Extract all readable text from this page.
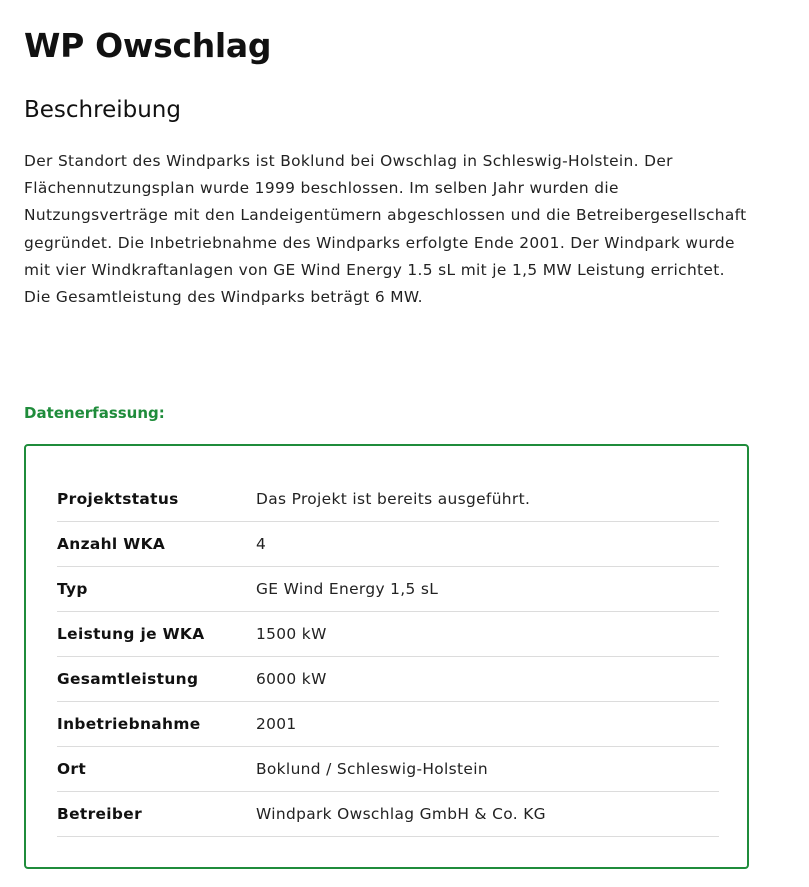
WP Owschlag
Beschreibung

Der Standort des Windparks ist Boklund bei Owschlag in Schleswig-Holstein. Der Flächennutzungsplan wurde 1999 beschlossen. Im selben Jahr wurden die Nutzungsverträge mit den Landeigentümern abgeschlossen und die Betreibergesellschaft gegründet. Die Inbetriebnahme des Windparks erfolgte Ende 2001. Der Windpark wurde mit vier Windkraftanlagen von GE Wind Energy 1.5 sL mit je 1,5 MW Leistung errichtet. Die Gesamtleistung des Windparks beträgt 6 MW.

Datenerfassung:
Projektstatus	Das Projekt ist bereits ausgeführt.
Anzahl WKA	4
Typ	GE Wind Energy 1,5 sL
Leistung je WKA	1500 kW
Gesamtleistung	6000 kW
Inbetriebnahme	2001
Ort	Boklund / Schleswig-Holstein
Betreiber	Windpark Owschlag GmbH & Co. KG
